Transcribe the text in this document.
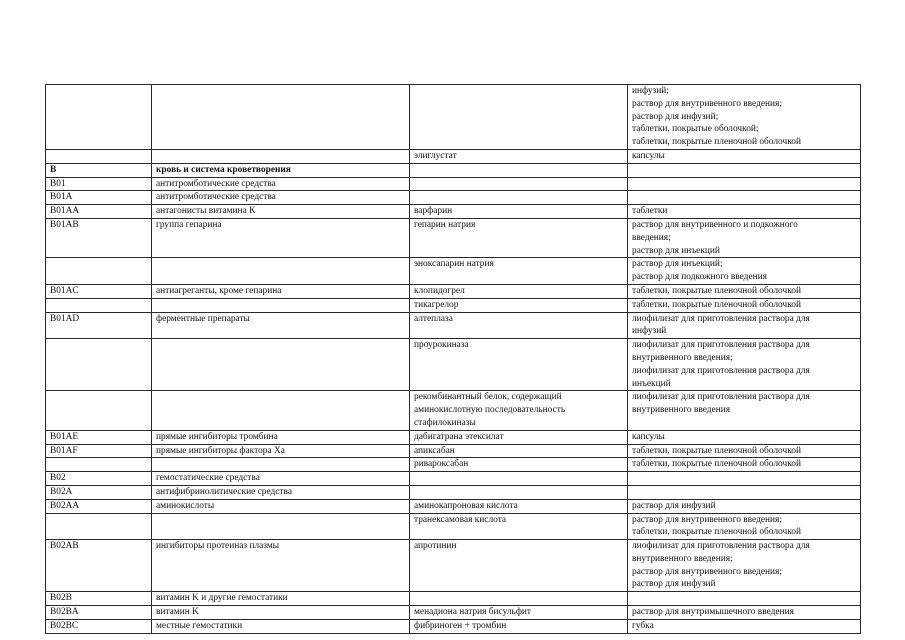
			инфузий;
раствор для внутривенного введения;
раствор для инфузий;
таблетки, покрытые оболочкой;
таблетки, покрытые пленочной оболочкой

		элиглустат	капсулы

B	кровь и система кроветворения		

B01	антитромботические средства		

B01A	антитромботические средства		

B01AA	антагонисты витамина К	варфарин	таблетки

B01AB	группа гепарина	гепарин натрия	раствор для внутривенного и подкожного
введения;
раствор для инъекций

		эноксапарин натрия	раствор для инъекций;
раствор для подкожного введения

B01AC	антиагреганты, кроме гепарина	клопидогрел	таблетки, покрытые пленочной оболочкой

		тикагрелор	таблетки, покрытые пленочной оболочкой

B01AD	ферментные препараты	алтеплаза	лиофилизат для приготовления раствора для
инфузий

		проурокиназа	лиофилизат для приготовления раствора для
внутривенного введения;
лиофилизат для приготовления раствора для
инъекций

		рекомбинантный белок, содержащий
аминокислотную последовательность
стафилокиназы	лиофилизат для приготовления раствора для
внутривенного введения

B01AE	прямые ингибиторы тромбина	дабигатрана этексилат	капсулы

B01AF	прямые ингибиторы фактора Ха	апиксабан	таблетки, покрытые пленочной оболочкой

		ривароксабан	таблетки, покрытые пленочной оболочкой

B02	гемостатические средства		

B02A	антифибринолитические средства		

B02AA	аминокислоты	аминокапроновая кислота	раствор для инфузий

		транексамовая кислота	раствор для внутривенного введения;
таблетки, покрытые пленочной оболочкой

B02AB	ингибиторы протеиназ плазмы	апротинин	лиофилизат для приготовления раствора для
внутривенного введения;
раствор для внутривенного введения;
раствор для инфузий

B02B	витамин K и другие гемостатики		

B02BA	витамин K	менадиона натрия бисульфит	раствор для внутримышечного введения

B02BC	местные гемостатики	фибриноген + тромбин	губка
